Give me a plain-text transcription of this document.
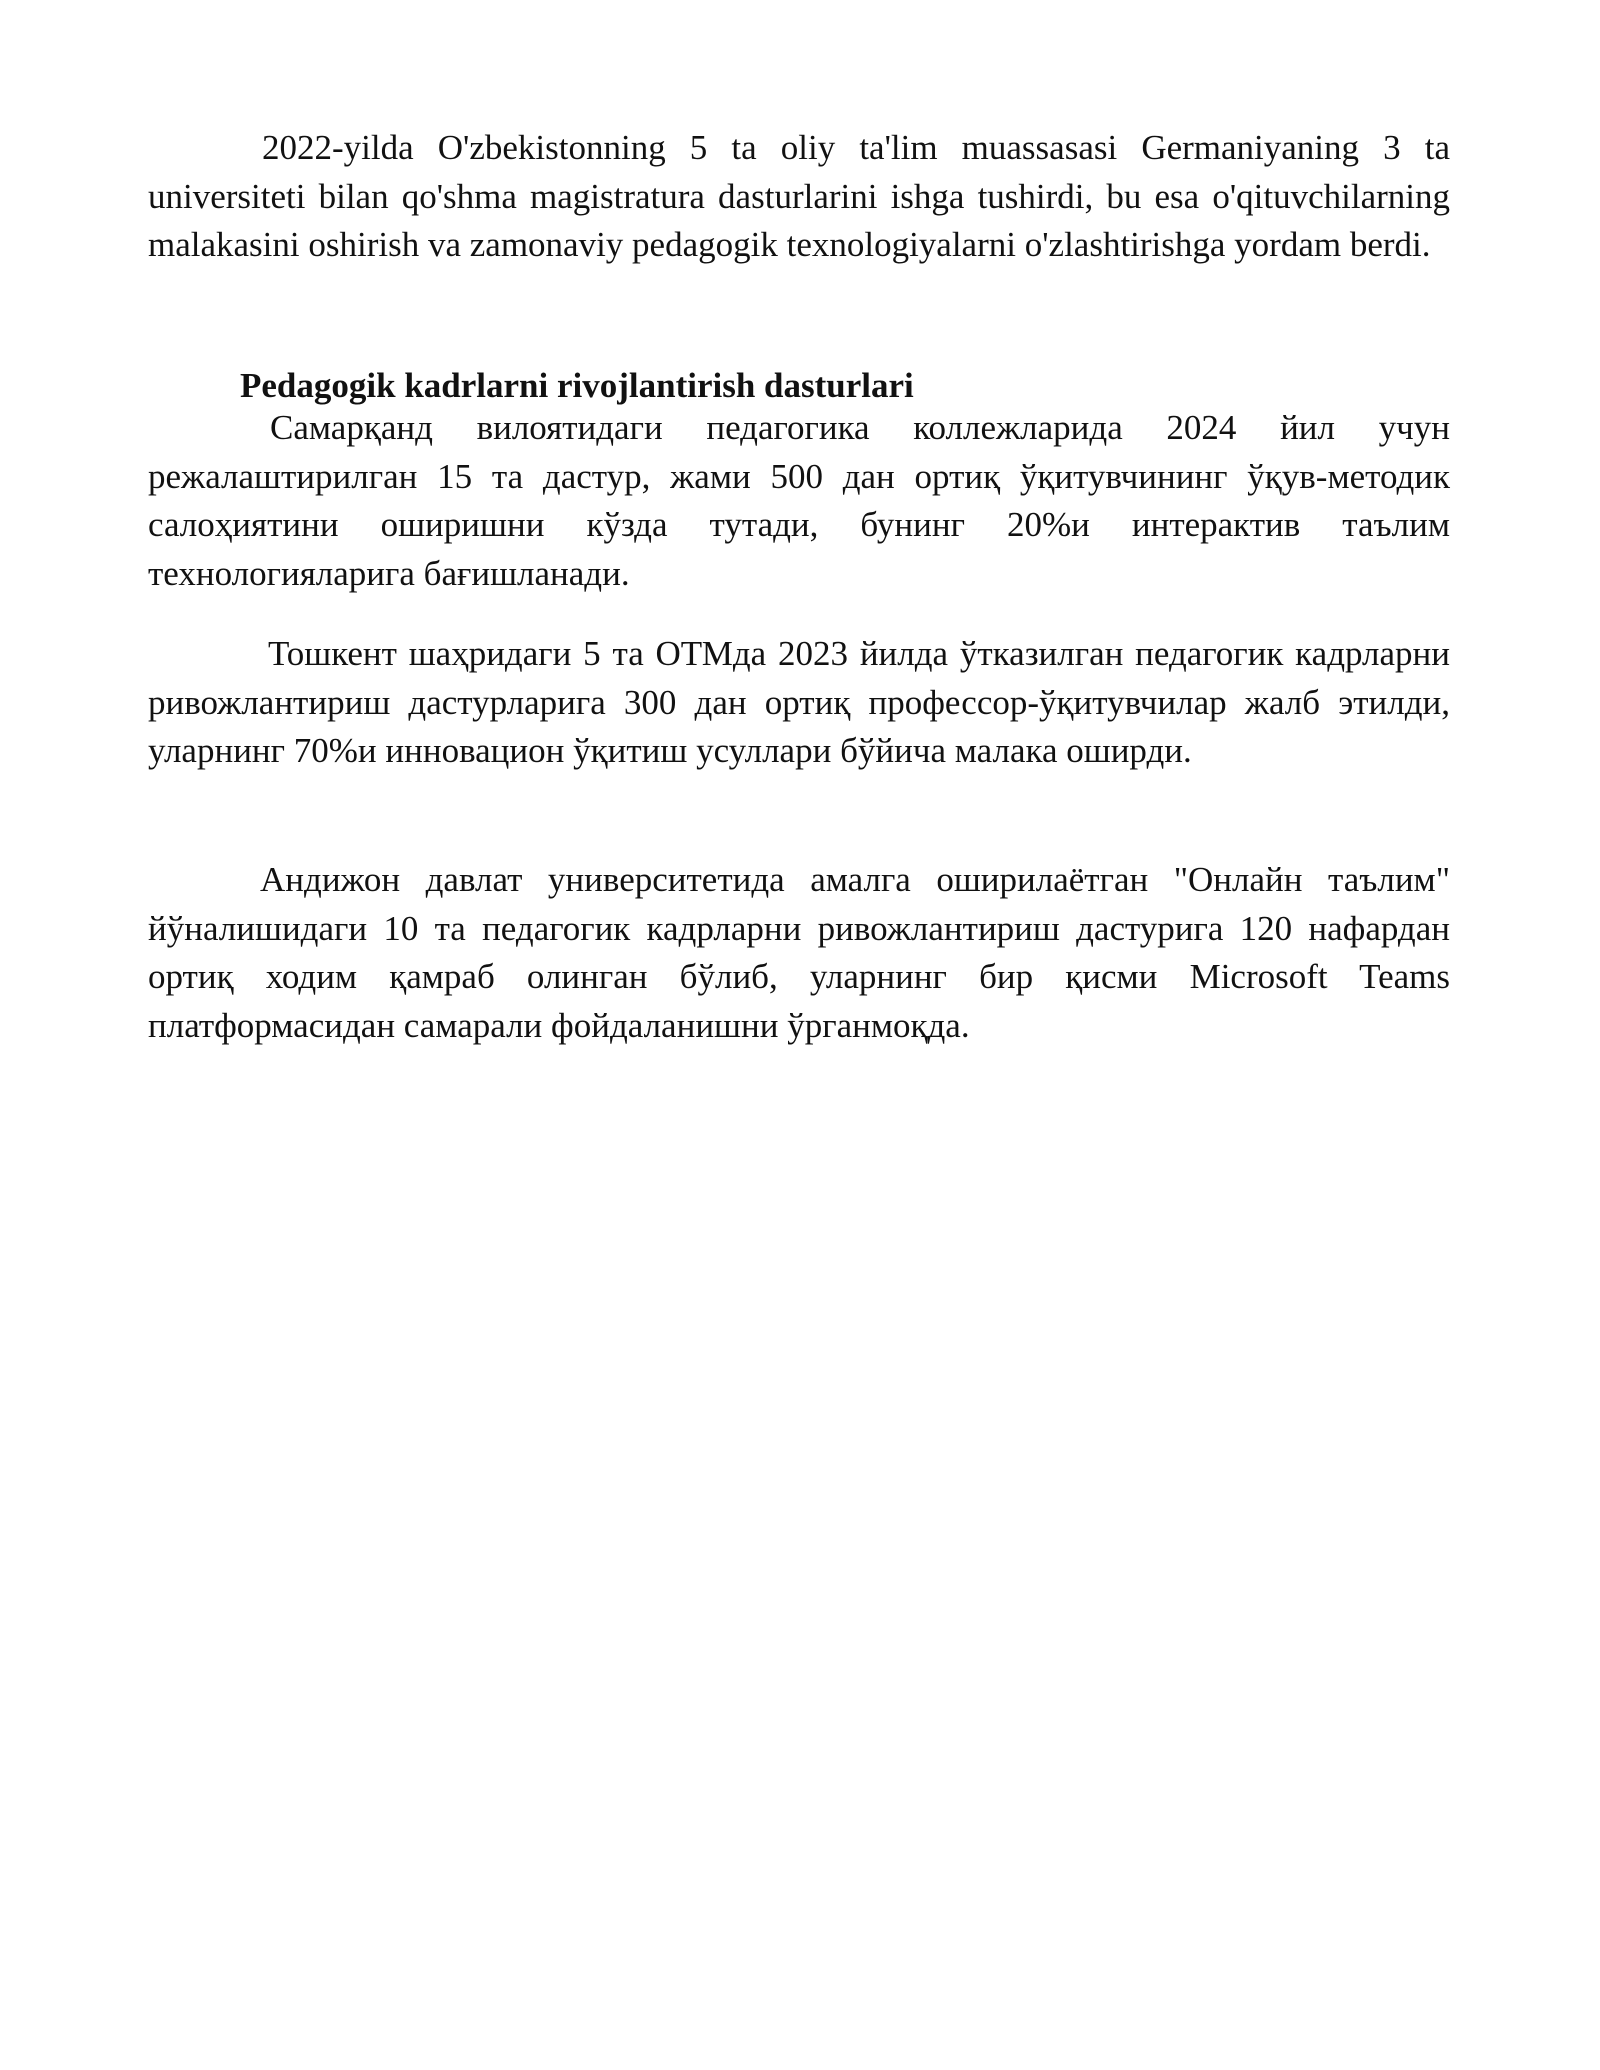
2022-yilda O'zbekistonning 5 ta oliy ta'lim muassasasi Germaniyaning 3 ta universiteti bilan qo'shma magistratura dasturlarini ishga tushirdi, bu esa o'qituvchilarning malakasini oshirish va zamonaviy pedagogik texnologiyalarni o'zlashtirishga yordam berdi.

Pedagogik kadrlarni rivojlantirish dasturlari

Самарқанд вилоятидаги педагогика коллежларида 2024 йил учун режалаштирилган 15 та дастур, жами 500 дан ортиқ ўқитувчининг ўқув-методик салоҳиятини оширишни кўзда тутади, бунинг 20%и интерактив таълим технологияларига бағишланади.

Тошкент шаҳридаги 5 та ОТМда 2023 йилда ўтказилган педагогик кадрларни ривожлантириш дастурларига 300 дан ортиқ профессор-ўқитувчилар жалб этилди, уларнинг 70%и инновацион ўқитиш усуллари бўйича малака оширди.

Андижон давлат университетида амалга оширилаётган "Онлайн таълим" йўналишидаги 10 та педагогик кадрларни ривожлантириш дастурига 120 нафардан ортиқ ходим қамраб олинган бўлиб, уларнинг бир қисми Microsoft Teams платформасидан самарали фойдаланишни ўрганмоқда.
